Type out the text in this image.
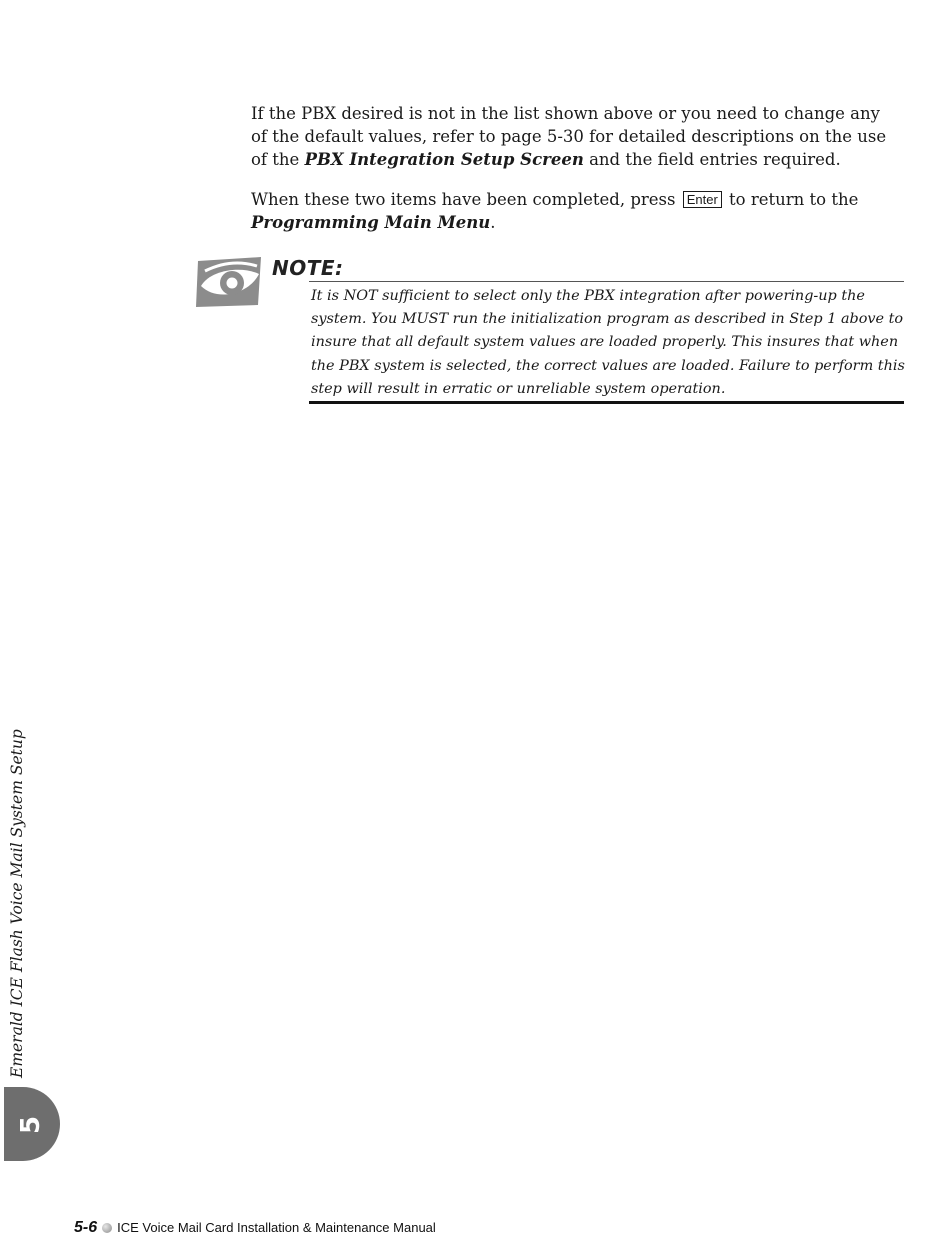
If the PBX desired is not in the list shown above or you need to change any of the default values, refer to page 5-30 for detailed descriptions on the use of the PBX Integration Setup Screen and the field entries required.

When these two items have been completed, press Enter to return to the Programming Main Menu.

NOTE:

It is NOT sufficient to select only the PBX integration after powering-up the system. You MUST run the initialization program as described in Step 1 above to insure that all default system values are loaded properly. This insures that when the PBX system is selected, the correct values are loaded. Failure to perform this step will result in erratic or unreliable system operation.

Emerald ICE Flash Voice Mail System Setup
5
5-6 ICE Voice Mail Card Installation & Maintenance Manual
